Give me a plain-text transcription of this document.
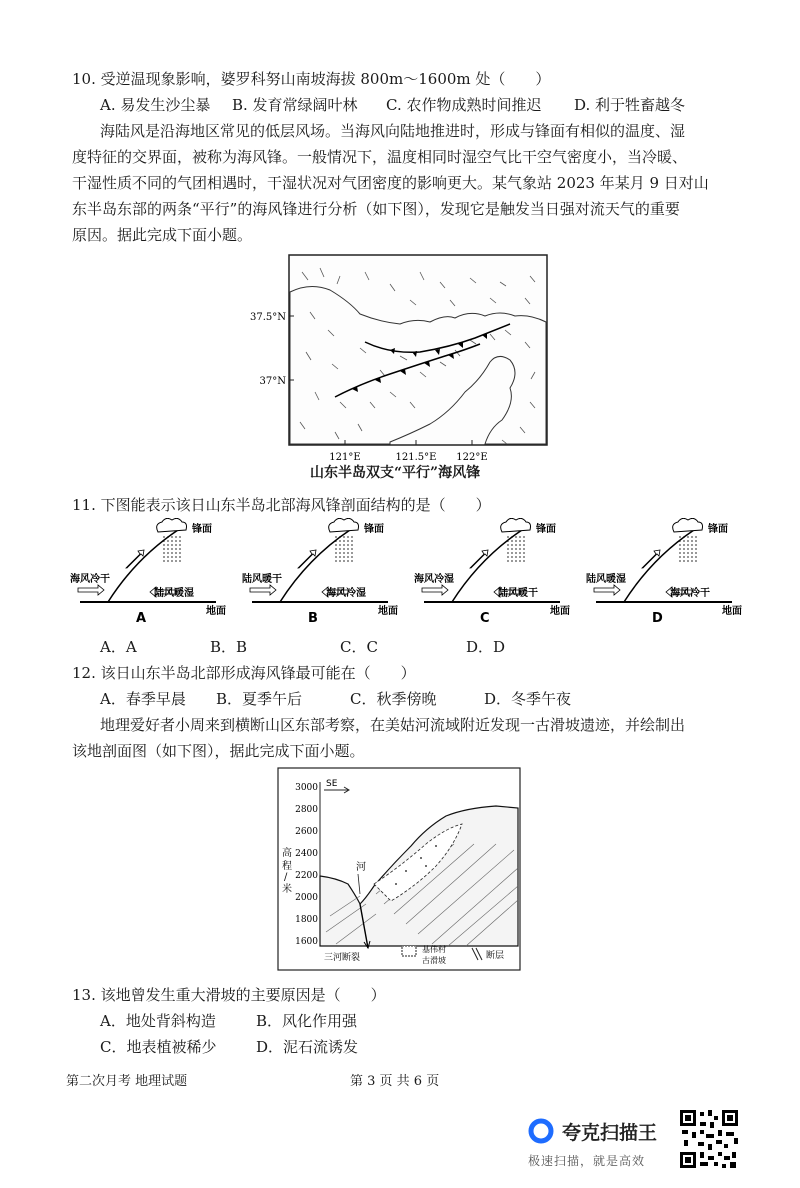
10. 受逆温现象影响，婆罗科努山南坡海拔 800m～1600m 处（　　）
A. 易发生沙尘暴 B. 发育常绿阔叶林 C. 农作物成熟时间推迟 D. 利于牲畜越冬
海陆风是沿海地区常见的低层风场。当海风向陆地推进时，形成与锋面有相似的温度、湿
度特征的交界面，被称为海风锋。一般情况下，温度相同时湿空气比干空气密度小，当冷暖、
干湿性质不同的气团相遇时，干湿状况对气团密度的影响更大。某气象站 2023 年某月 9 日对山
东半岛东部的两条“平行”的海风锋进行分析（如下图），发现它是触发当日强对流天气的重要
原因。据此完成下面小题。
37.5°N
37°N
121°E	121.5°E 122°E
山东半岛双支“平行”海风锋
11. 下图能表示该日山东半岛北部海风锋剖面结构的是（　　）
海风冷干
陆风暖湿
锋面
地面
A
陆风暖干
海风冷湿
锋面
地面
B
海风冷湿
陆风暖干
锋面
地面
C
陆风暖湿
海风冷干
锋面
地面
D
A．A	B．B	C．C	D．D
12. 该日山东半岛北部形成海风锋最可能在（　　）
A．春季早晨 B．夏季午后	C．秋季傍晚	D．冬季午夜
地理爱好者小周来到横断山区东部考察，在美姑河流域附近发现一古滑坡遗迹，并绘制出
该地剖面图（如下图），据此完成下面小题。
3000
2800
2600
2400
2200
2000
1800
1600
高
程
/
米
SE
河
三河断裂
基伟村
古滑坡	断层
13. 该地曾发生重大滑坡的主要原因是（　　）
A．地处背斜构造	B．风化作用强
C．地表植被稀少	D．泥石流诱发
第二次月考 地理试题	第 3 页 共 6 页
夸克扫描王
极速扫描，就是高效
